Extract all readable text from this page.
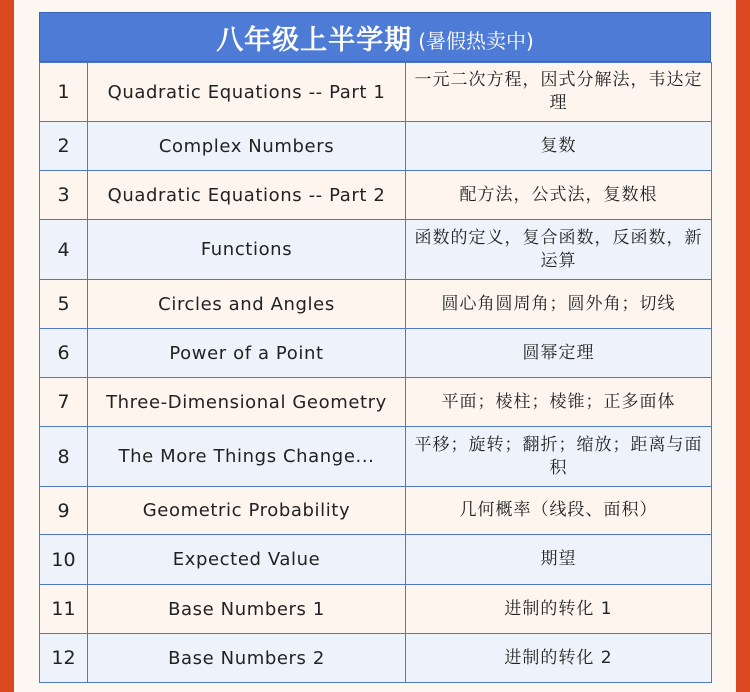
八年级上半学期 (暑假热卖中)
1	Quadratic Equations -- Part 1	一元二次方程，因式分解法，韦达定理
2	Complex Numbers	复数
3	Quadratic Equations -- Part 2	配方法，公式法，复数根
4	Functions	函数的定义，复合函数，反函数，新运算
5	Circles and Angles	圆心角圆周角；圆外角；切线
6	Power of a Point	圆幂定理
7	Three-Dimensional Geometry	平面；棱柱；棱锥；正多面体
8	The More Things Change...	平移；旋转；翻折；缩放；距离与面积
9	Geometric Probability	几何概率（线段、面积）
10	Expected Value	期望
11	Base Numbers 1	进制的转化 1
12	Base Numbers 2	进制的转化 2
